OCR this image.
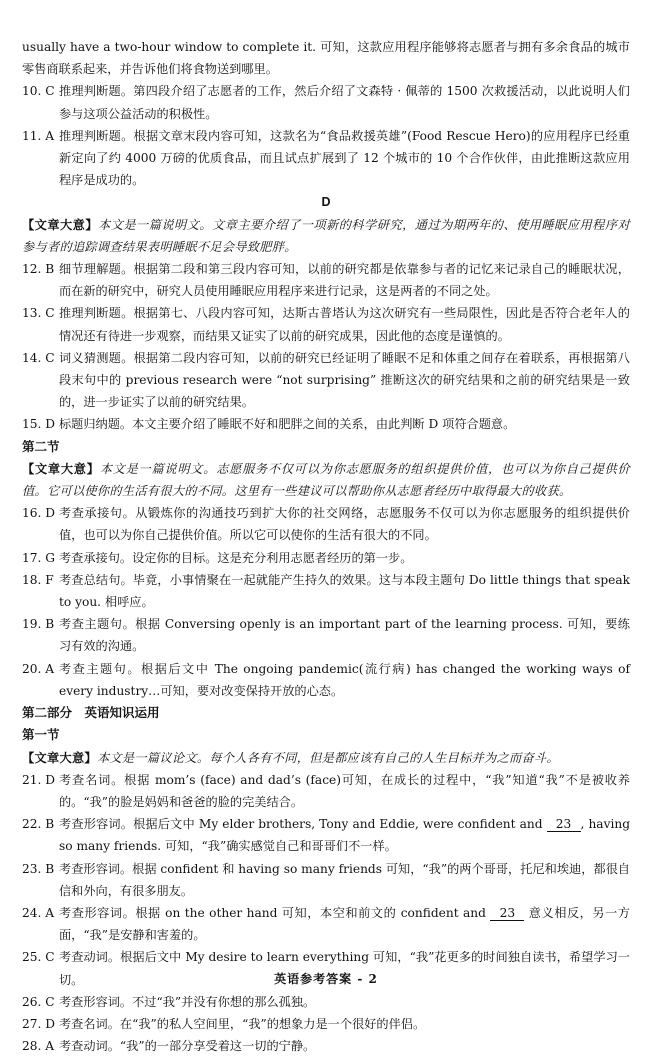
usually have a two-hour window to complete it. 可知，这款应用程序能够将志愿者与拥有多余食品的城市零售商联系起来，并告诉他们将食物送到哪里。

10. C 推理判断题。第四段介绍了志愿者的工作，然后介绍了文森特 · 佩蒂的 1500 次救援活动，以此说明人们参与这项公益活动的积极性。
11. A 推理判断题。根据文章末段内容可知，这款名为“食品救援英雄”(Food Rescue Hero)的应用程序已经重新定向了约 4000 万磅的优质食品，而且试点扩展到了 12 个城市的 10 个合作伙伴，由此推断这款应用程序是成功的。
D

【文章大意】本文是一篇说明文。文章主要介绍了一项新的科学研究，通过为期两年的、使用睡眠应用程序对参与者的追踪调查结果表明睡眠不足会导致肥胖。

12. B 细节理解题。根据第二段和第三段内容可知，以前的研究都是依靠参与者的记忆来记录自己的睡眠状况，而在新的研究中，研究人员使用睡眠应用程序来进行记录，这是两者的不同之处。
13. C 推理判断题。根据第七、八段内容可知，达斯古普塔认为这次研究有一些局限性，因此是否符合老年人的情况还有待进一步观察，而结果又证实了以前的研究成果，因此他的态度是谨慎的。
14. C 词义猜测题。根据第二段内容可知，以前的研究已经证明了睡眠不足和体重之间存在着联系，再根据第八段末句中的 previous research were “not surprising” 推断这次的研究结果和之前的研究结果是一致的，进一步证实了以前的研究结果。
15. D 标题归纳题。本文主要介绍了睡眠不好和肥胖之间的关系，由此判断 D 项符合题意。
第二节

【文章大意】本文是一篇说明文。志愿服务不仅可以为你志愿服务的组织提供价值，也可以为你自己提供价值。它可以使你的生活有很大的不同。这里有一些建议可以帮助你从志愿者经历中取得最大的收获。

16. D 考查承接句。从锻炼你的沟通技巧到扩大你的社交网络，志愿服务不仅可以为你志愿服务的组织提供价值，也可以为你自己提供价值。所以它可以使你的生活有很大的不同。
17. G 考查承接句。设定你的目标。这是充分利用志愿者经历的第一步。
18. F 考查总结句。毕竟，小事情聚在一起就能产生持久的效果。这与本段主题句 Do little things that speak to you. 相呼应。
19. B 考查主题句。根据 Conversing openly is an important part of the learning process. 可知，要练习有效的沟通。
20. A 考查主题句。根据后文中 The ongoing pandemic(流行病) has changed the working ways of every industry…可知，要对改变保持开放的心态。
第二部分　英语知识运用
第一节

【文章大意】本文是一篇议论文。每个人各有不同，但是都应该有自己的人生目标并为之而奋斗。

21. D 考查名词。根据 mom’s (face) and dad’s (face)可知，在成长的过程中，“我”知道“我”不是被收养的。“我”的脸是妈妈和爸爸的脸的完美结合。
22. B 考查形容词。根据后文中 My elder brothers, Tony and Eddie, were confident and 23 , having so many friends. 可知，“我”确实感觉自己和哥哥们不一样。
23. B 考查形容词。根据 confident 和 having so many friends 可知，“我”的两个哥哥，托尼和埃迪，都很自信和外向，有很多朋友。
24. A 考查形容词。根据 on the other hand 可知，本空和前文的 confident and 23 意义相反，另一方面，“我”是安静和害羞的。
25. C 考查动词。根据后文中 My desire to learn everything 可知，“我”花更多的时间独自读书，希望学习一切。
26. C 考查形容词。不过“我”并没有你想的那么孤独。
27. D 考查名词。在“我”的私人空间里，“我”的想象力是一个很好的伴侣。
28. A 考查动词。“我”的一部分享受着这一切的宁静。
英语参考答案 - 2
